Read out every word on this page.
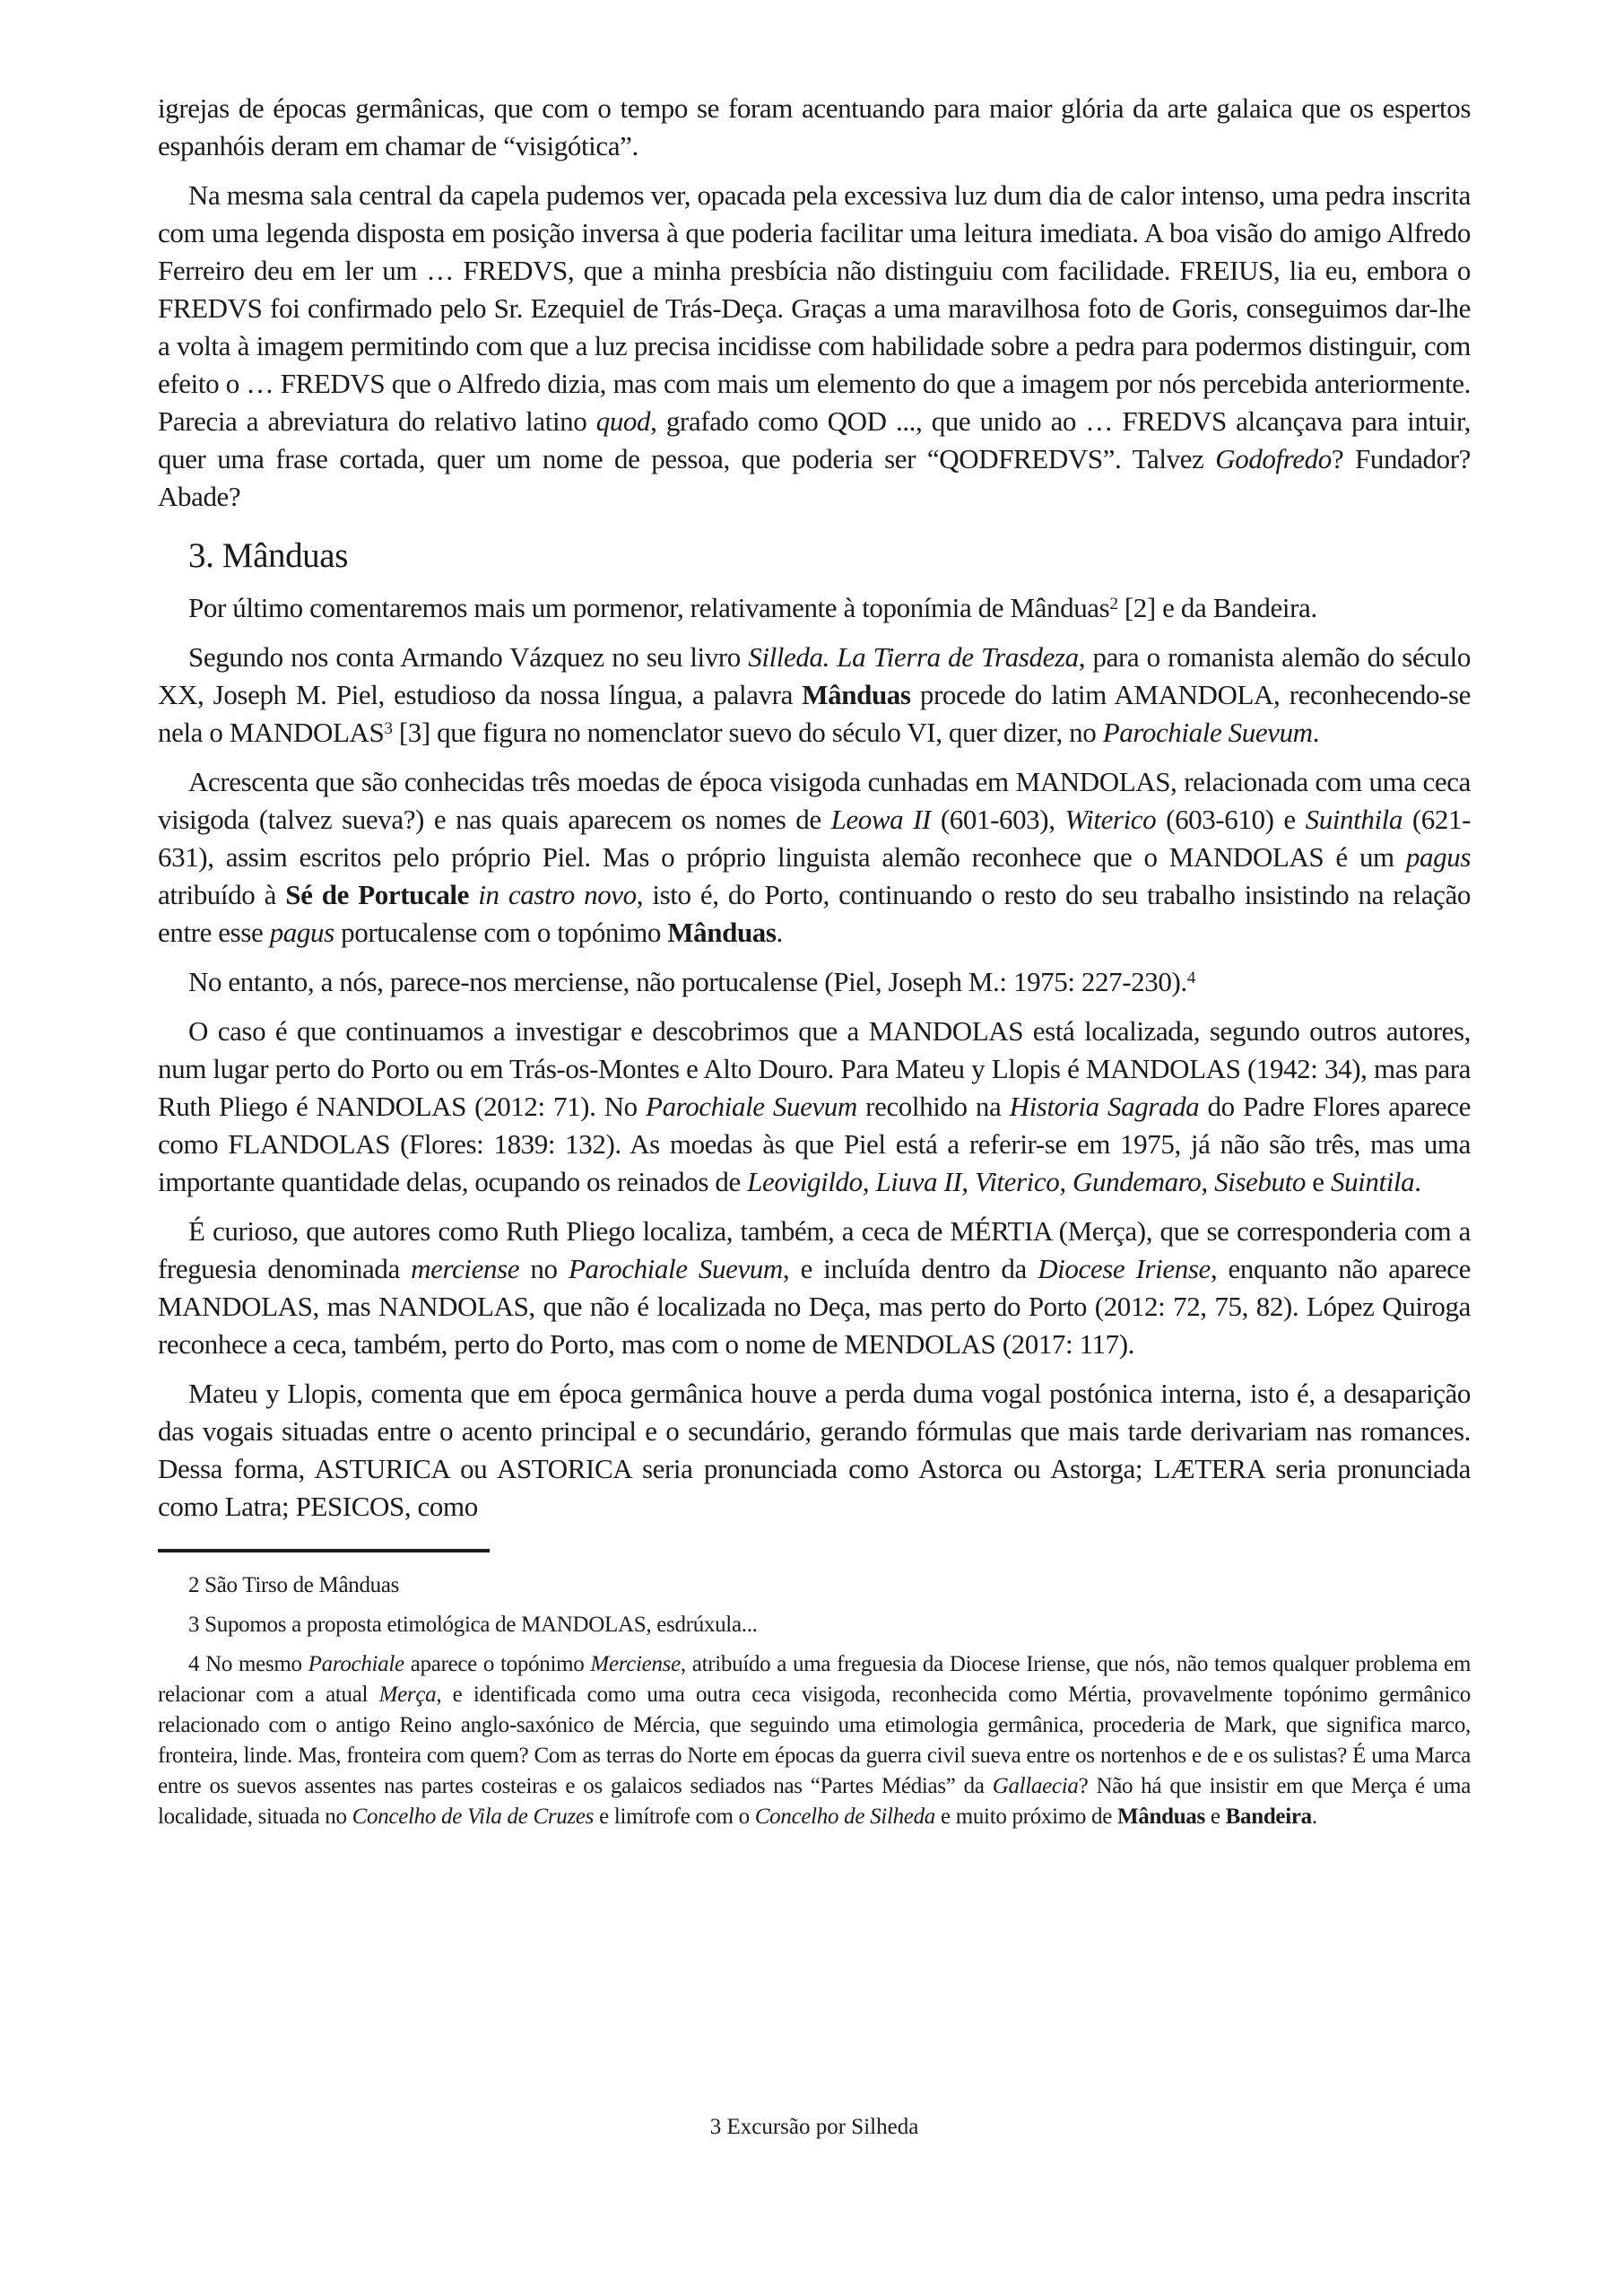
igrejas de épocas germânicas, que com o tempo se foram acentuando para maior glória da arte galaica que os espertos espanhóis deram em chamar de “visigótica”.

Na mesma sala central da capela pudemos ver, opacada pela excessiva luz dum dia de calor intenso, uma pedra inscrita com uma legenda disposta em posição inversa à que poderia facilitar uma leitura imediata. A boa visão do amigo Alfredo Ferreiro deu em ler um … FREDVS, que a minha presbícia não distinguiu com facilidade. FREIUS, lia eu, embora o FREDVS foi confirmado pelo Sr. Ezequiel de Trás-Deça. Graças a uma maravilhosa foto de Goris, conseguimos dar-lhe a volta à imagem permitindo com que a luz precisa incidisse com habilidade sobre a pedra para podermos distinguir, com efeito o … FREDVS que o Alfredo dizia, mas com mais um elemento do que a imagem por nós percebida anteriormente. Parecia a abreviatura do relativo latino quod, grafado como QOD ..., que unido ao … FREDVS alcançava para intuir, quer uma frase cortada, quer um nome de pessoa, que poderia ser “QODFREDVS”. Talvez Godofredo? Fundador? Abade?

3. Mânduas

Por último comentaremos mais um pormenor, relativamente à toponímia de Mânduas$^2$ [2] e da Bandeira.

Segundo nos conta Armando Vázquez no seu livro Silleda. La Tierra de Trasdeza, para o romanista alemão do século XX, Joseph M. Piel, estudioso da nossa língua, a palavra Mânduas procede do latim AMANDOLA, reconhecendo-se nela o MANDOLAS$^3$ [3] que figura no nomenclator suevo do século VI, quer dizer, no Parochiale Suevum.

Acrescenta que são conhecidas três moedas de época visigoda cunhadas em MANDOLAS, relacionada com uma ceca visigoda (talvez sueva?) e nas quais aparecem os nomes de Leowa II (601-603), Witerico (603-610) e Suinthila (621-631), assim escritos pelo próprio Piel. Mas o próprio linguista alemão reconhece que o MANDOLAS é um pagus atribuído à Sé de Portucale in castro novo, isto é, do Porto, continuando o resto do seu trabalho insistindo na relação entre esse pagus portucalense com o topónimo Mânduas.

No entanto, a nós, parece-nos merciense, não portucalense (Piel, Joseph M.: 1975: 227-230).$^4$

O caso é que continuamos a investigar e descobrimos que a MANDOLAS está localizada, segundo outros autores, num lugar perto do Porto ou em Trás-os-Montes e Alto Douro. Para Mateu y Llopis é MANDOLAS (1942: 34), mas para Ruth Pliego é NANDOLAS (2012: 71). No Parochiale Suevum recolhido na Historia Sagrada do Padre Flores aparece como FLANDOLAS (Flores: 1839: 132). As moedas às que Piel está a referir-se em 1975, já não são três, mas uma importante quantidade delas, ocupando os reinados de Leovigildo, Liuva II, Viterico, Gundemaro, Sisebuto e Suintila.

É curioso, que autores como Ruth Pliego localiza, também, a ceca de MÉRTIA (Merça), que se corresponderia com a freguesia denominada merciense no Parochiale Suevum, e incluída dentro da Diocese Iriense, enquanto não aparece MANDOLAS, mas NANDOLAS, que não é localizada no Deça, mas perto do Porto (2012: 72, 75, 82). López Quiroga reconhece a ceca, também, perto do Porto, mas com o nome de MENDOLAS (2017: 117).

Mateu y Llopis, comenta que em época germânica houve a perda duma vogal postónica interna, isto é, a desaparição das vogais situadas entre o acento principal e o secundário, gerando fórmulas que mais tarde derivariam nas romances. Dessa forma, ASTURICA ou ASTORICA seria pronunciada como Astorca ou Astorga; LÆTERA seria pronunciada como Latra; PESICOS, como

2 São Tirso de Mânduas

3 Supomos a proposta etimológica de MANDOLAS, esdrúxula...

4 No mesmo Parochiale aparece o topónimo Merciense, atribuído a uma freguesia da Diocese Iriense, que nós, não temos qualquer problema em relacionar com a atual Merça, e identificada como uma outra ceca visigoda, reconhecida como Mértia, provavelmente topónimo germânico relacionado com o antigo Reino anglo-saxónico de Mércia, que seguindo uma etimologia germânica, procederia de Mark, que significa marco, fronteira, linde. Mas, fronteira com quem? Com as terras do Norte em épocas da guerra civil sueva entre os nortenhos e de e os sulistas? É uma Marca entre os suevos assentes nas partes costeiras e os galaicos sediados nas “Partes Médias” da Gallaecia? Não há que insistir em que Merça é uma localidade, situada no Concelho de Vila de Cruzes e limítrofe com o Concelho de Silheda e muito próximo de Mânduas e Bandeira.

3 Excursão por Silheda
